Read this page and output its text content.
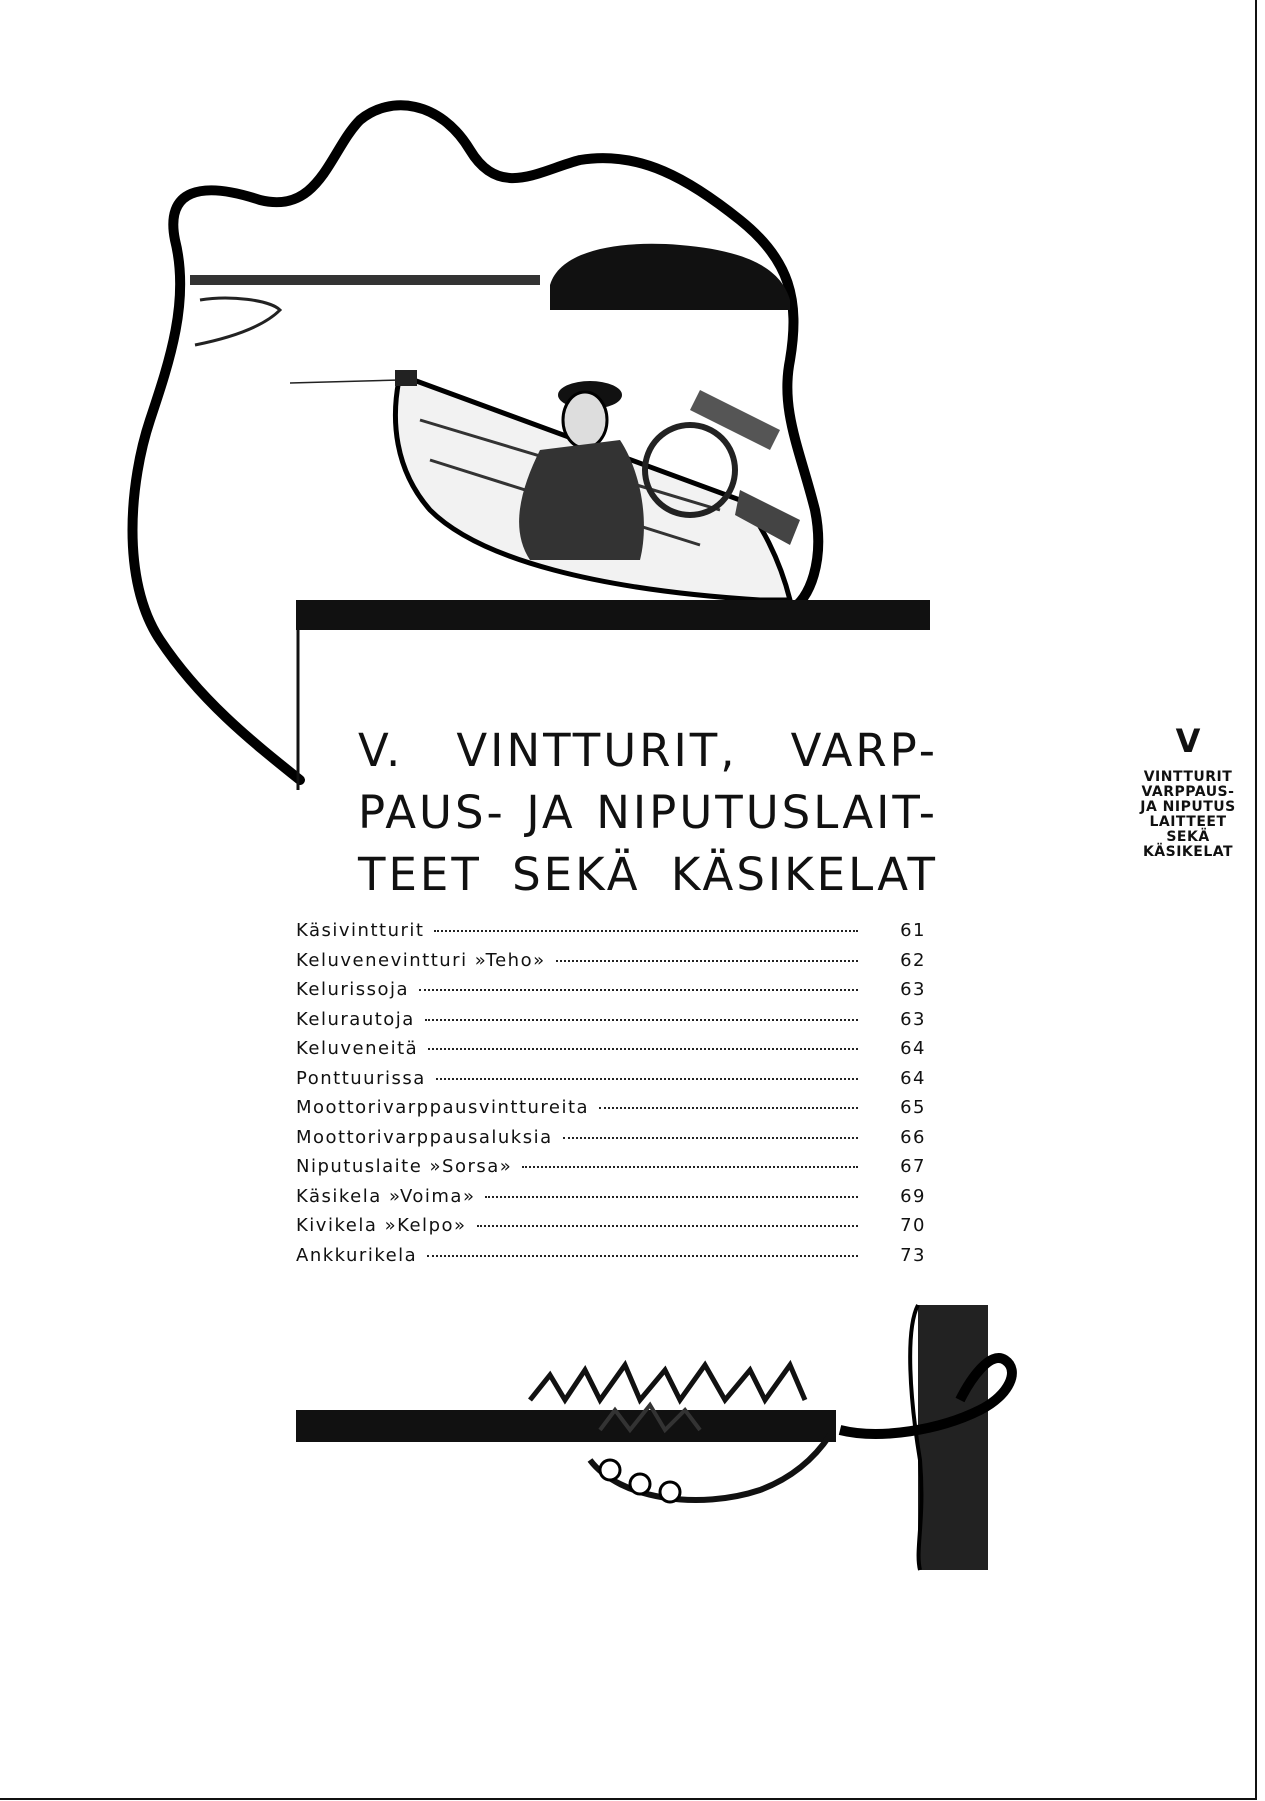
V. VINTTURIT, VARP-
PAUS- JA NIPUTUSLAIT-
TEET SEKÄ KÄSIKELAT
V
VINTTURIT
VARPPAUS-
JA NIPUTUS
LAITTEET
SEKÄ
KÄSIKELAT
Käsivintturit	61
Keluvenevintturi »Teho»	62
Kelurissoja	63
Kelurautoja	63
Keluveneitä	64
Ponttuurissa	64
Moottorivarppausvinttureita	65
Moottorivarppausaluksia	66
Niputuslaite »Sorsa»	67
Käsikela »Voima»	69
Kivikela »Kelpo»	70
Ankkurikela	73
